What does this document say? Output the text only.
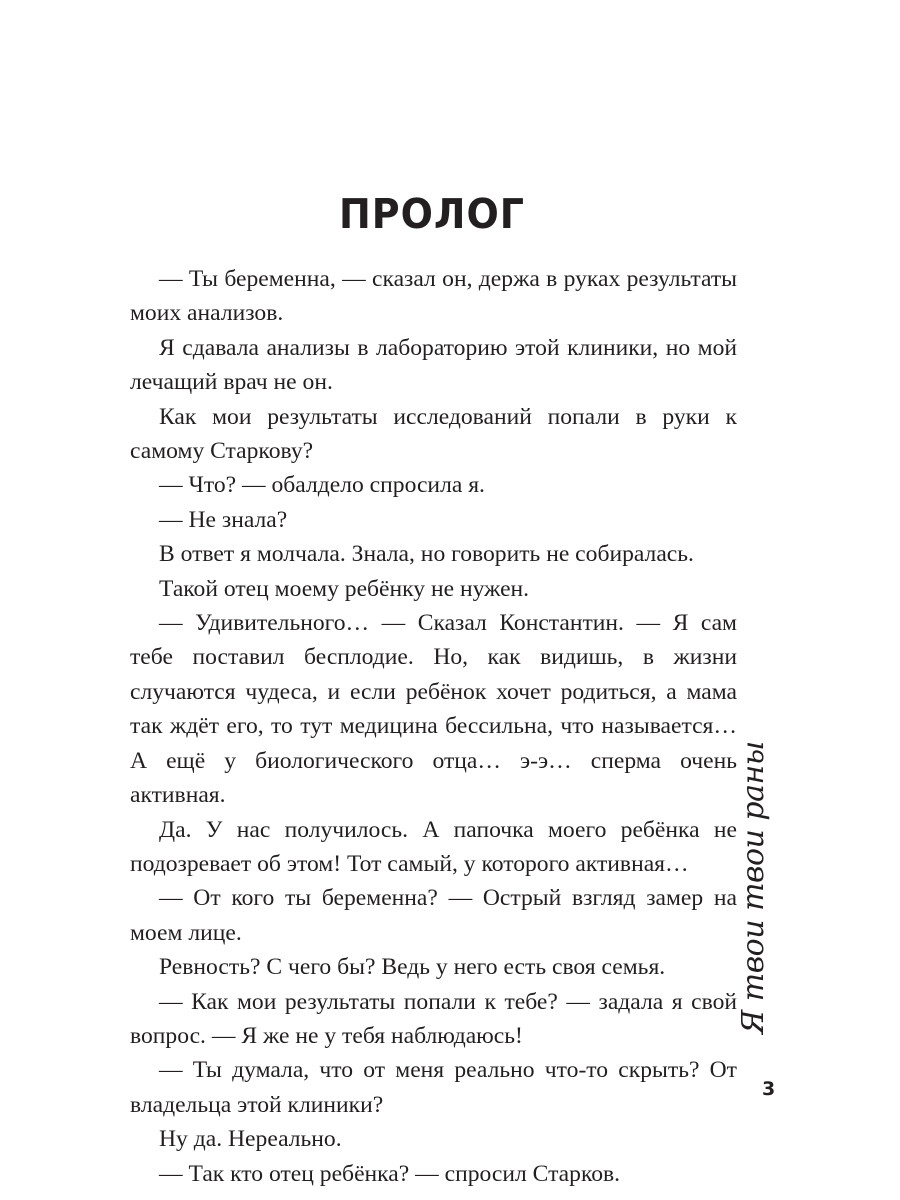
ПРОЛОГ

— Ты беременна, — сказал он, держа в руках результаты моих анализов.

Я сдавала анализы в лабораторию этой клиники, но мой лечащий врач не он.

Как мои результаты исследований попали в руки к самому Старкову?

— Что? — обалдело спросила я.

— Не знала?

В ответ я молчала. Знала, но говорить не собиралась.

Такой отец моему ребёнку не нужен.

— Удивительного… — Сказал Константин. — Я сам тебе поставил бесплодие. Но, как видишь, в жизни случаются чудеса, и если ребёнок хочет родиться, а мама так ждёт его, то тут медицина бессильна, что называется… А ещё у биологического отца… э-э… сперма очень активная.

Да. У нас получилось. А папочка моего ребёнка не подозревает об этом! Тот самый, у которого активная…

— От кого ты беременна? — Острый взгляд замер на моем лице.

Ревность? С чего бы? Ведь у него есть своя семья.

— Как мои результаты попали к тебе? — задала я свой вопрос. — Я же не у тебя наблюдаюсь!

— Ты думала, что от меня реально что-то скрыть? От владельца этой клиники?

Ну да. Нереально.

— Так кто отец ребёнка? — спросил Старков.

Я твои твои раны
3
